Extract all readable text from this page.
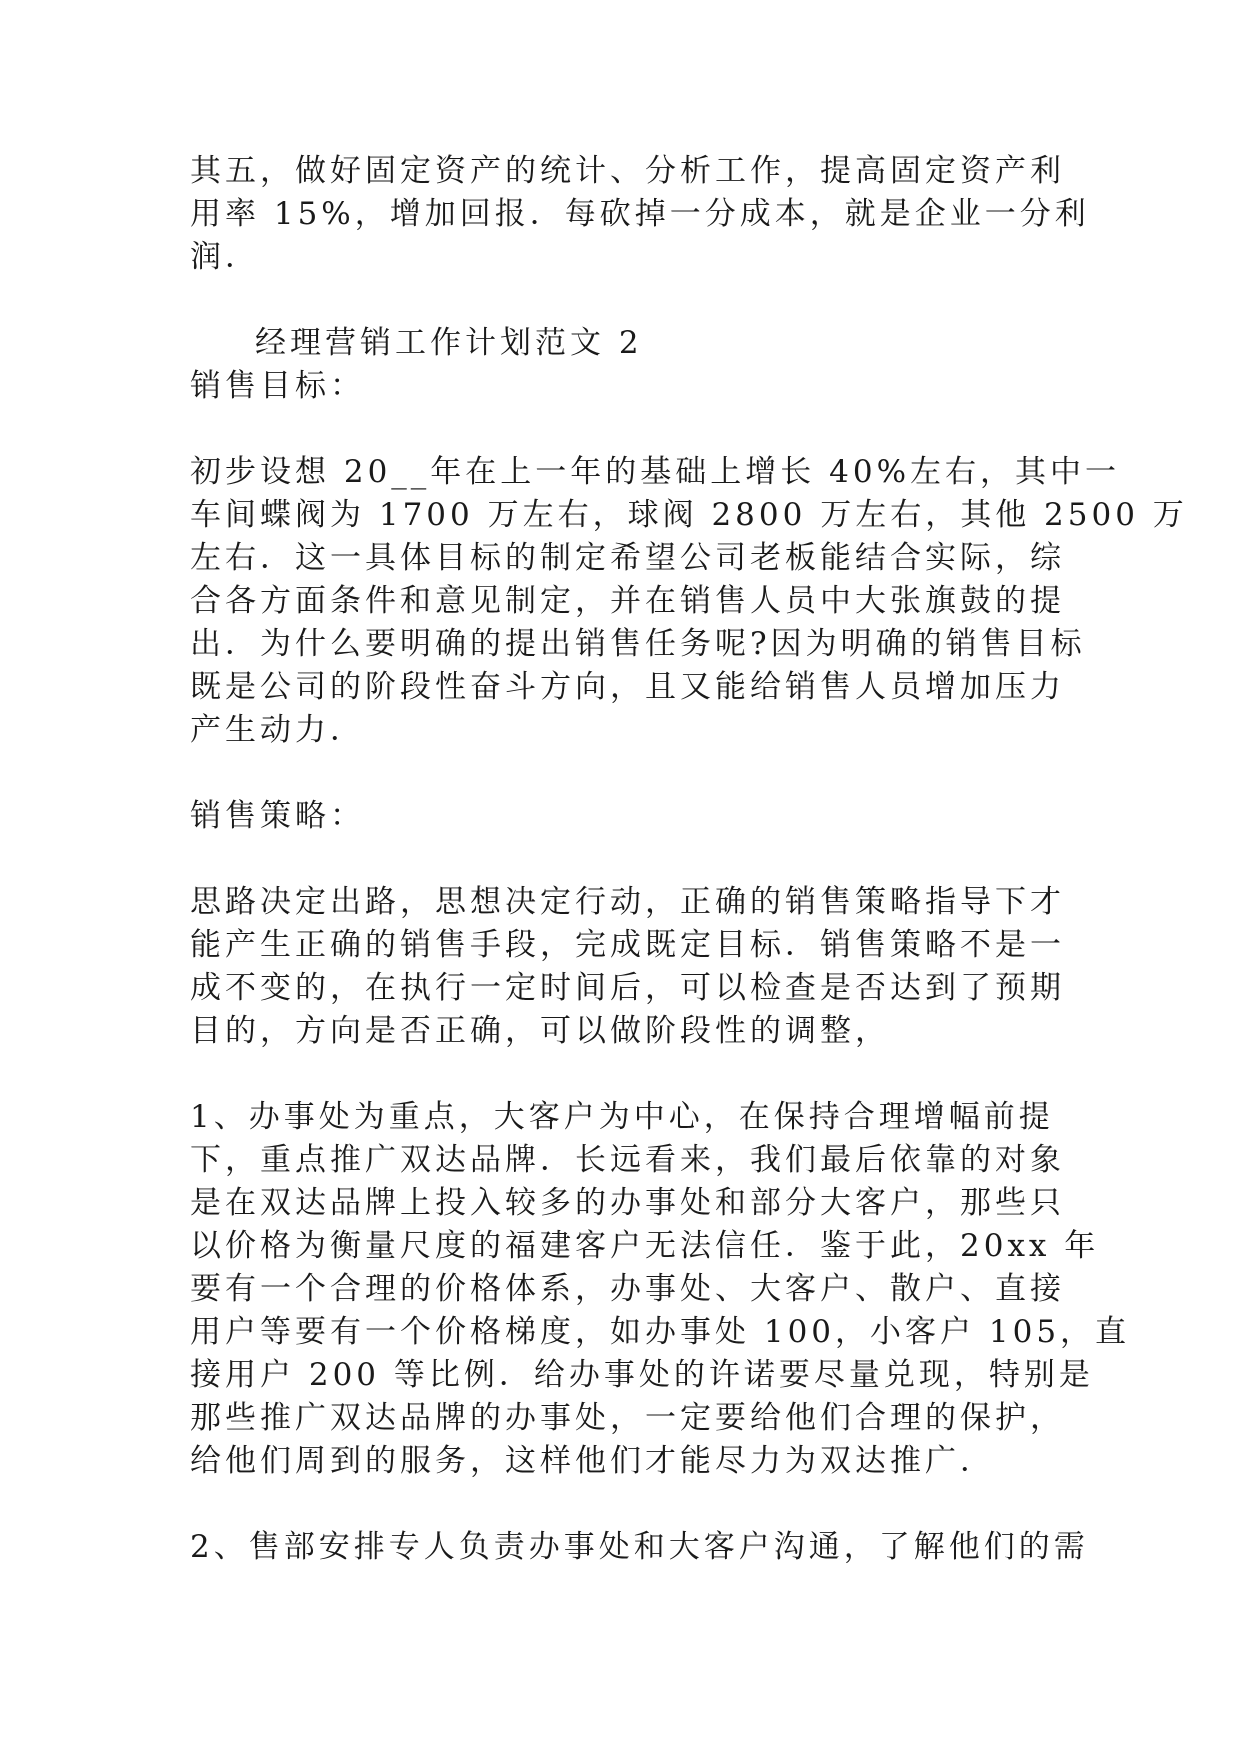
其五，做好固定资产的统计、分析工作，提高固定资产利
用率 15%，增加回报．每砍掉一分成本，就是企业一分利
润．
经理营销工作计划范文 2
销售目标：
初步设想 20__年在上一年的基础上增长 40%左右，其中一
车间蝶阀为 1700 万左右，球阀 2800 万左右，其他 2500 万
左右．这一具体目标的制定希望公司老板能结合实际，综
合各方面条件和意见制定，并在销售人员中大张旗鼓的提
出．为什么要明确的提出销售任务呢?因为明确的销售目标
既是公司的阶段性奋斗方向，且又能给销售人员增加压力
产生动力．
销售策略：
思路决定出路，思想决定行动，正确的销售策略指导下才
能产生正确的销售手段，完成既定目标．销售策略不是一
成不变的，在执行一定时间后，可以检查是否达到了预期
目的，方向是否正确，可以做阶段性的调整，
1、办事处为重点，大客户为中心，在保持合理增幅前提
下，重点推广双达品牌．长远看来，我们最后依靠的对象
是在双达品牌上投入较多的办事处和部分大客户，那些只
以价格为衡量尺度的福建客户无法信任．鉴于此，20xx 年
要有一个合理的价格体系，办事处、大客户、散户、直接
用户等要有一个价格梯度，如办事处 100，小客户 105，直
接用户 200 等比例．给办事处的许诺要尽量兑现，特别是
那些推广双达品牌的办事处，一定要给他们合理的保护，
给他们周到的服务，这样他们才能尽力为双达推广．
2、售部安排专人负责办事处和大客户沟通，了解他们的需
